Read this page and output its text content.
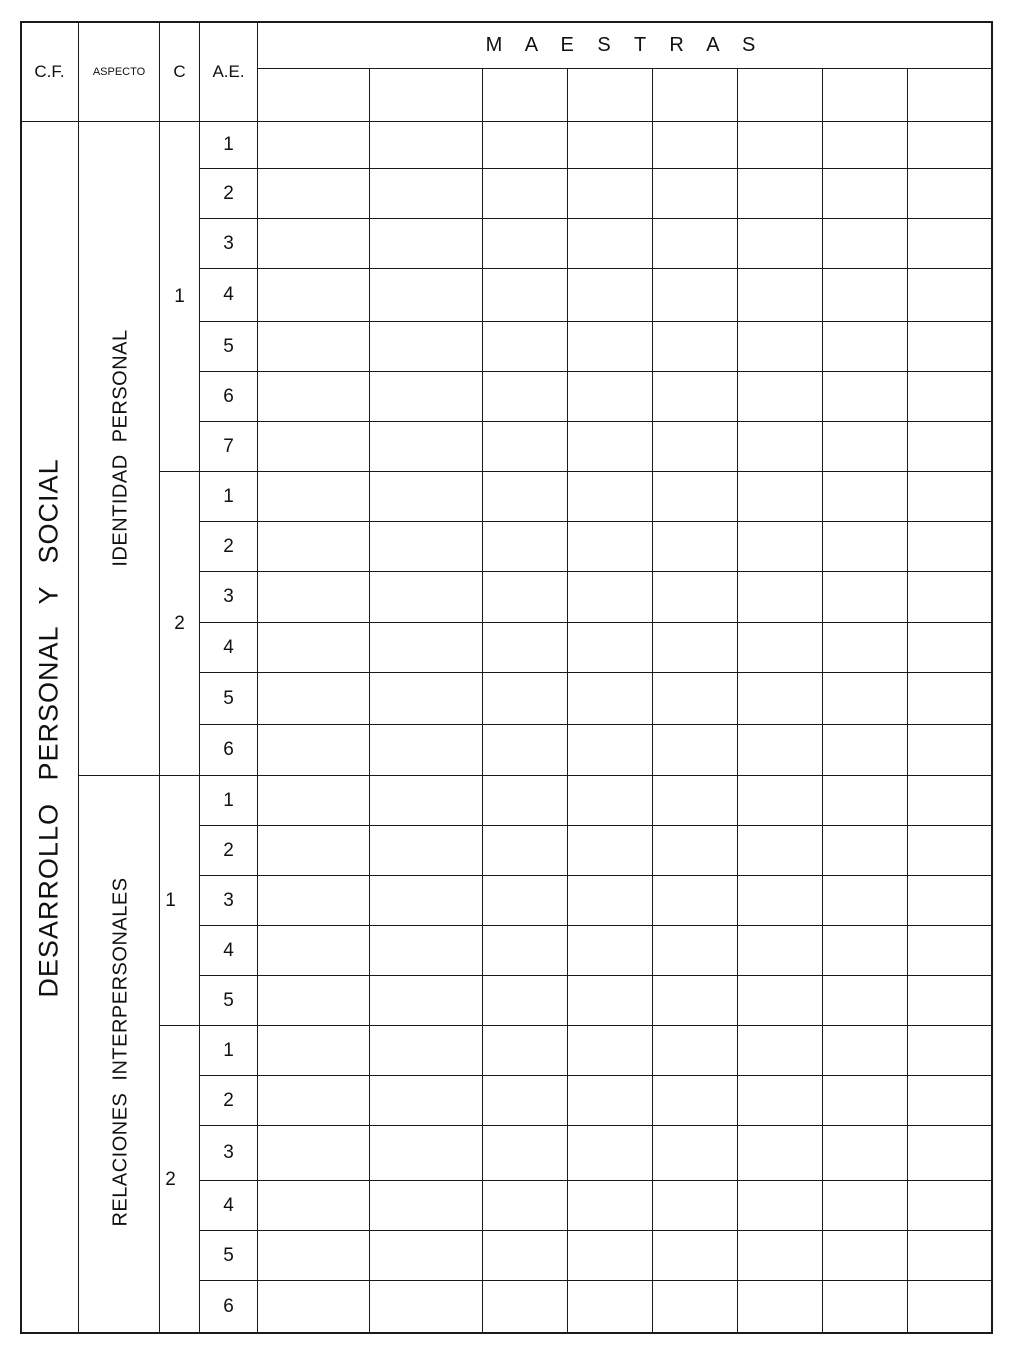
C.F.	ASPECTO C A.E.
M A E S T R A S
DESARROLLO PERSONAL Y SOCIAL
IDENTIDAD PERSONAL
1
1
2
3
4
5
6
7
2
1
2
3
4
5
6
RELACIONES INTERPERSONALES 1
1
2
3
4
5
2
1
2
3
4
5
6
